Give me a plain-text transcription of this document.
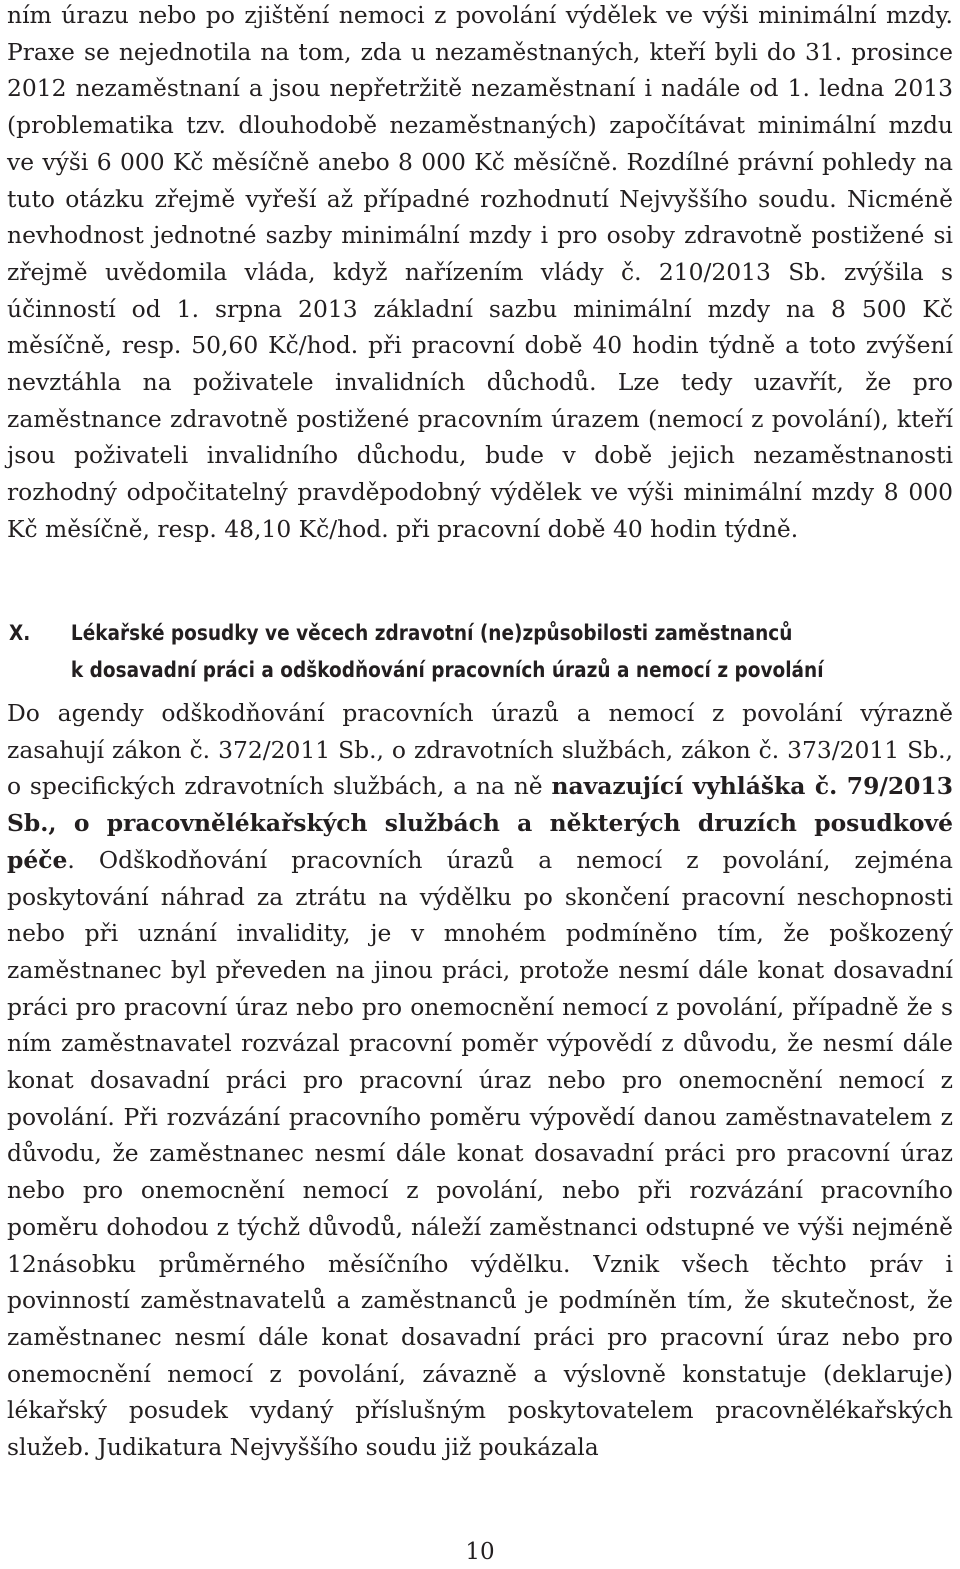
ním úrazu nebo po zjištění nemoci z povolání výdělek ve výši minimální mzdy. Praxe se nejednotila na tom, zda u nezaměstnaných, kteří byli do 31. prosince 2012 nezaměstnaní a jsou nepřetržitě nezaměstnaní i nadále od 1. ledna 2013 (problematika tzv. dlouhodobě nezaměstnaných) započítávat minimální mzdu ve výši 6 000 Kč měsíčně anebo 8 000 Kč měsíčně. Rozdílné právní pohledy na tuto otázku zřejmě vyřeší až případné rozhodnutí Nejvyššího soudu. Nicméně nevhodnost jednotné sazby minimální mzdy i pro osoby zdravotně postižené si zřejmě uvědomila vláda, když nařízením vlády č. 210/2013 Sb. zvýšila s účinností od 1. srpna 2013 základní sazbu minimální mzdy na 8 500 Kč měsíčně, resp. 50,60 Kč/hod. při pracovní době 40 hodin týdně a toto zvýšení nevztáhla na poživatele invalidních důchodů. Lze tedy uzavřít, že pro zaměstnance zdravotně postižené pracovním úrazem (nemocí z povolání), kteří jsou poživateli invalidního důchodu, bude v době jejich nezaměstnanosti rozhodný odpočitatelný pravděpodobný výdělek ve výši minimální mzdy 8 000 Kč měsíčně, resp. 48,10 Kč/hod. při pracovní době 40 hodin týdně.

X. Lékařské posudky ve věcech zdravotní (ne)způsobilosti zaměstnanců
k dosavadní práci a odškodňování pracovních úrazů a nemocí z povolání

Do agendy odškodňování pracovních úrazů a nemocí z povolání výrazně zasahují zákon č. 372/2011 Sb., o zdravotních službách, zákon č. 373/2011 Sb., o specifických zdravotních službách, a na ně navazující vyhláška č. 79/2013 Sb., o pracovnělékařských službách a některých druzích posudkové péče. Odškodňování pracovních úrazů a nemocí z povolání, zejména poskytování náhrad za ztrátu na výdělku po skončení pracovní neschopnosti nebo při uznání invalidity, je v mnohém podmíněno tím, že poškozený zaměstnanec byl převeden na jinou práci, protože nesmí dále konat dosavadní práci pro pracovní úraz nebo pro onemocnění nemocí z povolání, případně že s ním zaměstnavatel rozvázal pracovní poměr výpovědí z důvodu, že nesmí dále konat dosavadní práci pro pracovní úraz nebo pro onemocnění nemocí z povolání. Při rozvázání pracovního poměru výpovědí danou zaměstnavatelem z důvodu, že zaměstnanec nesmí dále konat dosavadní práci pro pracovní úraz nebo pro onemocnění nemocí z povolání, nebo při rozvázání pracovního poměru dohodou z týchž důvodů, náleží zaměstnanci odstupné ve výši nejméně 12násobku průměrného měsíčního výdělku. Vznik všech těchto práv i povinností zaměstnavatelů a zaměstnanců je podmíněn tím, že skutečnost, že zaměstnanec nesmí dále konat dosavadní práci pro pracovní úraz nebo pro onemocnění nemocí z povolání, závazně a výslovně konstatuje (deklaruje) lékařský posudek vydaný příslušným poskytovatelem pracovnělékařských služeb. Judikatura Nejvyššího soudu již poukázala

10
